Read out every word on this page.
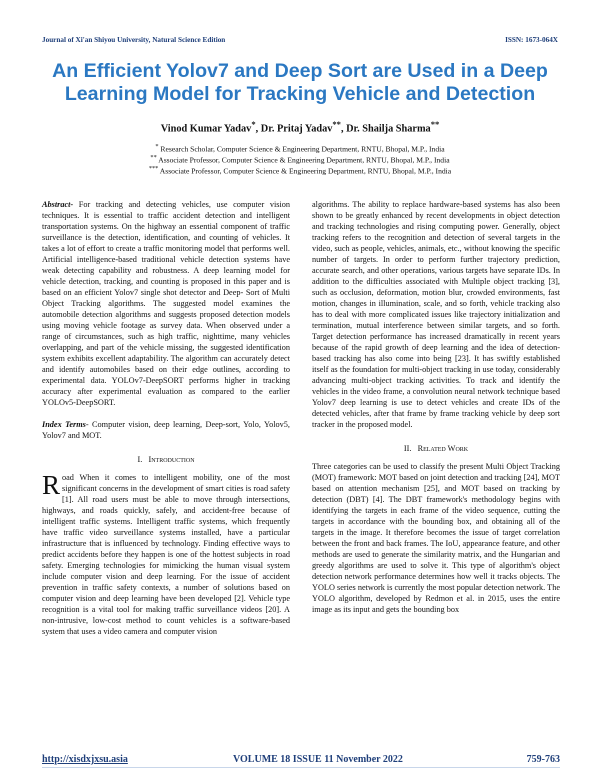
Journal of Xi'an Shiyou University, Natural Science Edition	ISSN: 1673-064X
An Efficient Yolov7 and Deep Sort are Used in a Deep Learning Model for Tracking Vehicle and Detection
Vinod Kumar Yadav*, Dr. Pritaj Yadav**, Dr. Shailja Sharma**
* Research Scholar, Computer Science & Engineering Department, RNTU, Bhopal, M.P., India
** Associate Professor, Computer Science & Engineering Department, RNTU, Bhopal, M.P., India
*** Associate Professor, Computer Science & Engineering Department, RNTU, Bhopal, M.P., India

Abstract- For tracking and detecting vehicles, use computer vision techniques. It is essential to traffic accident detection and intelligent transportation systems. On the highway an essential component of traffic surveillance is the detection, identification, and counting of vehicles. It takes a lot of effort to create a traffic monitoring model that performs well. Artificial intelligence-based traditional vehicle detection systems have weak detecting capability and robustness. A deep learning model for vehicle detection, tracking, and counting is proposed in this paper and is based on an efficient Yolov7 single shot detector and Deep- Sort of Multi Object Tracking algorithms. The suggested model examines the automobile detection algorithms and suggests proposed detection models using moving vehicle footage as survey data. When observed under a range of circumstances, such as high traffic, nighttime, many vehicles overlapping, and part of the vehicle missing, the suggested identification system exhibits excellent adaptability. The algorithm can accurately detect and identify automobiles based on their edge outlines, according to experimental data. YOLOv7-DeepSORT performs higher in tracking accuracy after experimental evaluation as compared to the earlier YOLOv5-DeepSORT.

Index Terms- Computer vision, deep learning, Deep-sort, Yolo, Yolov5, Yolov7 and MOT.

I. Introduction

Road When it comes to intelligent mobility, one of the most significant concerns in the development of smart cities is road safety [1]. All road users must be able to move through intersections, highways, and roads quickly, safely, and accident-free because of intelligent traffic systems. Intelligent traffic systems, which frequently have traffic video surveillance systems installed, have a particular infrastructure that is influenced by technology. Finding effective ways to predict accidents before they happen is one of the hottest subjects in road safety. Emerging technologies for mimicking the human visual system include computer vision and deep learning. For the issue of accident prevention in traffic safety contexts, a number of solutions based on computer vision and deep learning have been developed [2]. Vehicle type recognition is a vital tool for making traffic surveillance videos [20]. A non-intrusive, low-cost method to count vehicles is a software-based system that uses a video camera and computer vision

algorithms. The ability to replace hardware-based systems has also been shown to be greatly enhanced by recent developments in object detection and tracking technologies and rising computing power. Generally, object tracking refers to the recognition and detection of several targets in the video, such as people, vehicles, animals, etc., without knowing the specific number of targets. In order to perform further trajectory prediction, accurate search, and other operations, various targets have separate IDs. In addition to the difficulties associated with Multiple object tracking [3], such as occlusion, deformation, motion blur, crowded environments, fast motion, changes in illumination, scale, and so forth, vehicle tracking also has to deal with more complicated issues like trajectory initialization and termination, mutual interference between similar targets, and so forth. Target detection performance has increased dramatically in recent years because of the rapid growth of deep learning and the idea of detection-based tracking has also come into being [23]. It has swiftly established itself as the foundation for multi-object tracking in use today, considerably advancing multi-object tracking activities. To track and identify the vehicles in the video frame, a convolution neural network technique based Yolov7 deep learning is use to detect vehicles and create IDs of the detected vehicles, after that frame by frame tracking vehicle by deep sort tracker in the proposed model.

II. Related Work

Three categories can be used to classify the present Multi Object Tracking (MOT) framework: MOT based on joint detection and tracking [24], MOT based on attention mechanism [25], and MOT based on tracking by detection (DBT) [4]. The DBT framework's methodology begins with identifying the targets in each frame of the video sequence, cutting the targets in accordance with the bounding box, and obtaining all of the targets in the image. It therefore becomes the issue of target correlation between the front and back frames. The IoU, appearance feature, and other methods are used to generate the similarity matrix, and the Hungarian and greedy algorithms are used to solve it. This type of algorithm's object detection network performance determines how well it tracks objects. The YOLO series network is currently the most popular detection network. The YOLO algorithm, developed by Redmon et al. in 2015, uses the entire image as its input and gets the bounding box

http://xisdxjxsu.asia	VOLUME 18 ISSUE 11 November 2022	759-763
